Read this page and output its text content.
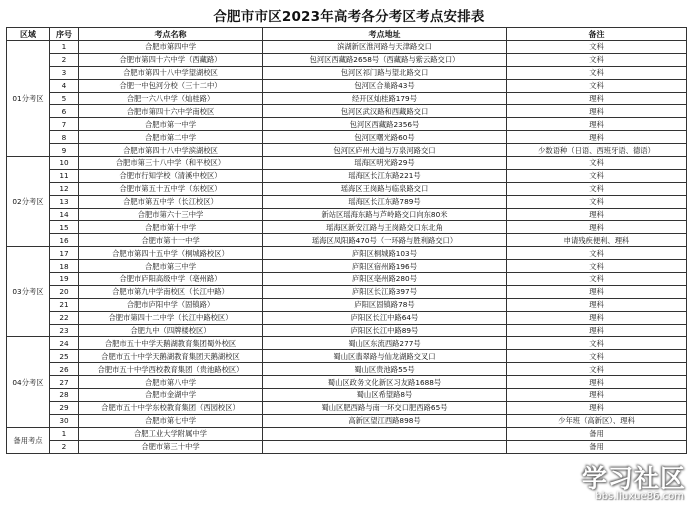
合肥市市区2023年高考各分考区考点安排表
区域	序号	考点名称	考点地址	备注
01分考区	1	合肥市第四中学	滨湖新区淮河路与天津路交口	文科
	2	合肥市第四十六中学（西藏路）	包河区西藏路2658号（西藏路与紫云路交口）	文科
	3	合肥市第四十八中学望湖校区	包河区祁门路与望北路交口	文科
	4	合肥一中包河分校（三十二中）	包河区合巢路43号	文科
	5	合肥一六八中学（灿桂路）	经开区灿桂路179号	理科
	6	合肥市第四十六中学南校区	包河区武汉路和西藏路交口	理科
	7	合肥市第一中学	包河区西藏路2356号	理科
	8	合肥市第二中学	包河区曙光路60号	理科
	9	合肥市第四十八中学滨湖校区	包河区庐州大道与万泉河路交口	少数语种（日语、西班牙语、德语）
02分考区	10	合肥市第三十八中学（和平校区）	瑶海区明光路29号	文科
	11	合肥市行知学校（清溪中校区）	瑶海区长江东路221号	文科
	12	合肥市第五十五中学（东校区）	瑶海区王岗路与临泉路交口	文科
	13	合肥市第五中学（长江校区）	瑶海区长江东路789号	文科
	14	合肥市第六十三中学	新站区瑶海东路与芦岭路交口向东80米	理科
	15	合肥市第十中学	瑶海区新安江路与王岗路交口东北角	理科
	16	合肥市第十一中学	瑶海区凤阳路470号（一环路与胜利路交口）	申请残疾便利、理科
03分考区	17	合肥市第四十五中学（桐城路校区）	庐阳区桐城路103号	文科
	18	合肥市第三中学	庐阳区宿州路196号	文科
	19	合肥市庐阳高级中学（亳州路）	庐阳区亳州路280号	文科
	20	合肥市第九中学南校区（长江中路）	庐阳区长江路397号	理科
	21	合肥市庐阳中学（固镇路）	庐阳区固镇路78号	理科
	22	合肥市第四十二中学（长江中路校区）	庐阳区长江中路64号	理科
	23	合肥九中（四牌楼校区）	庐阳区长江中路89号	理科
04分考区	24	合肥市五十中学天鹅湖教育集团蜀外校区	蜀山区东流西路277号	文科
	25	合肥市五十中学天鹅湖教育集团天鹅湖校区	蜀山区翡翠路与仙龙湖路交叉口	文科
	26	合肥市五十中学西校教育集团（贵池路校区）	蜀山区贵池路55号	文科
	27	合肥市第八中学	蜀山区政务文化新区习友路1688号	理科
	28	合肥市金湖中学	蜀山区希望路8号	理科
	29	合肥市五十中学东校教育集团（西园校区）	蜀山区肥西路与南一环交口肥西路65号	理科
	30	合肥市第七中学	高新区望江西路898号	少年班（高新区）、理科
备用考点	1	合肥工业大学附属中学		备用
	2	合肥市第三十中学		备用
学习社区
bbs.liuxue86.com
